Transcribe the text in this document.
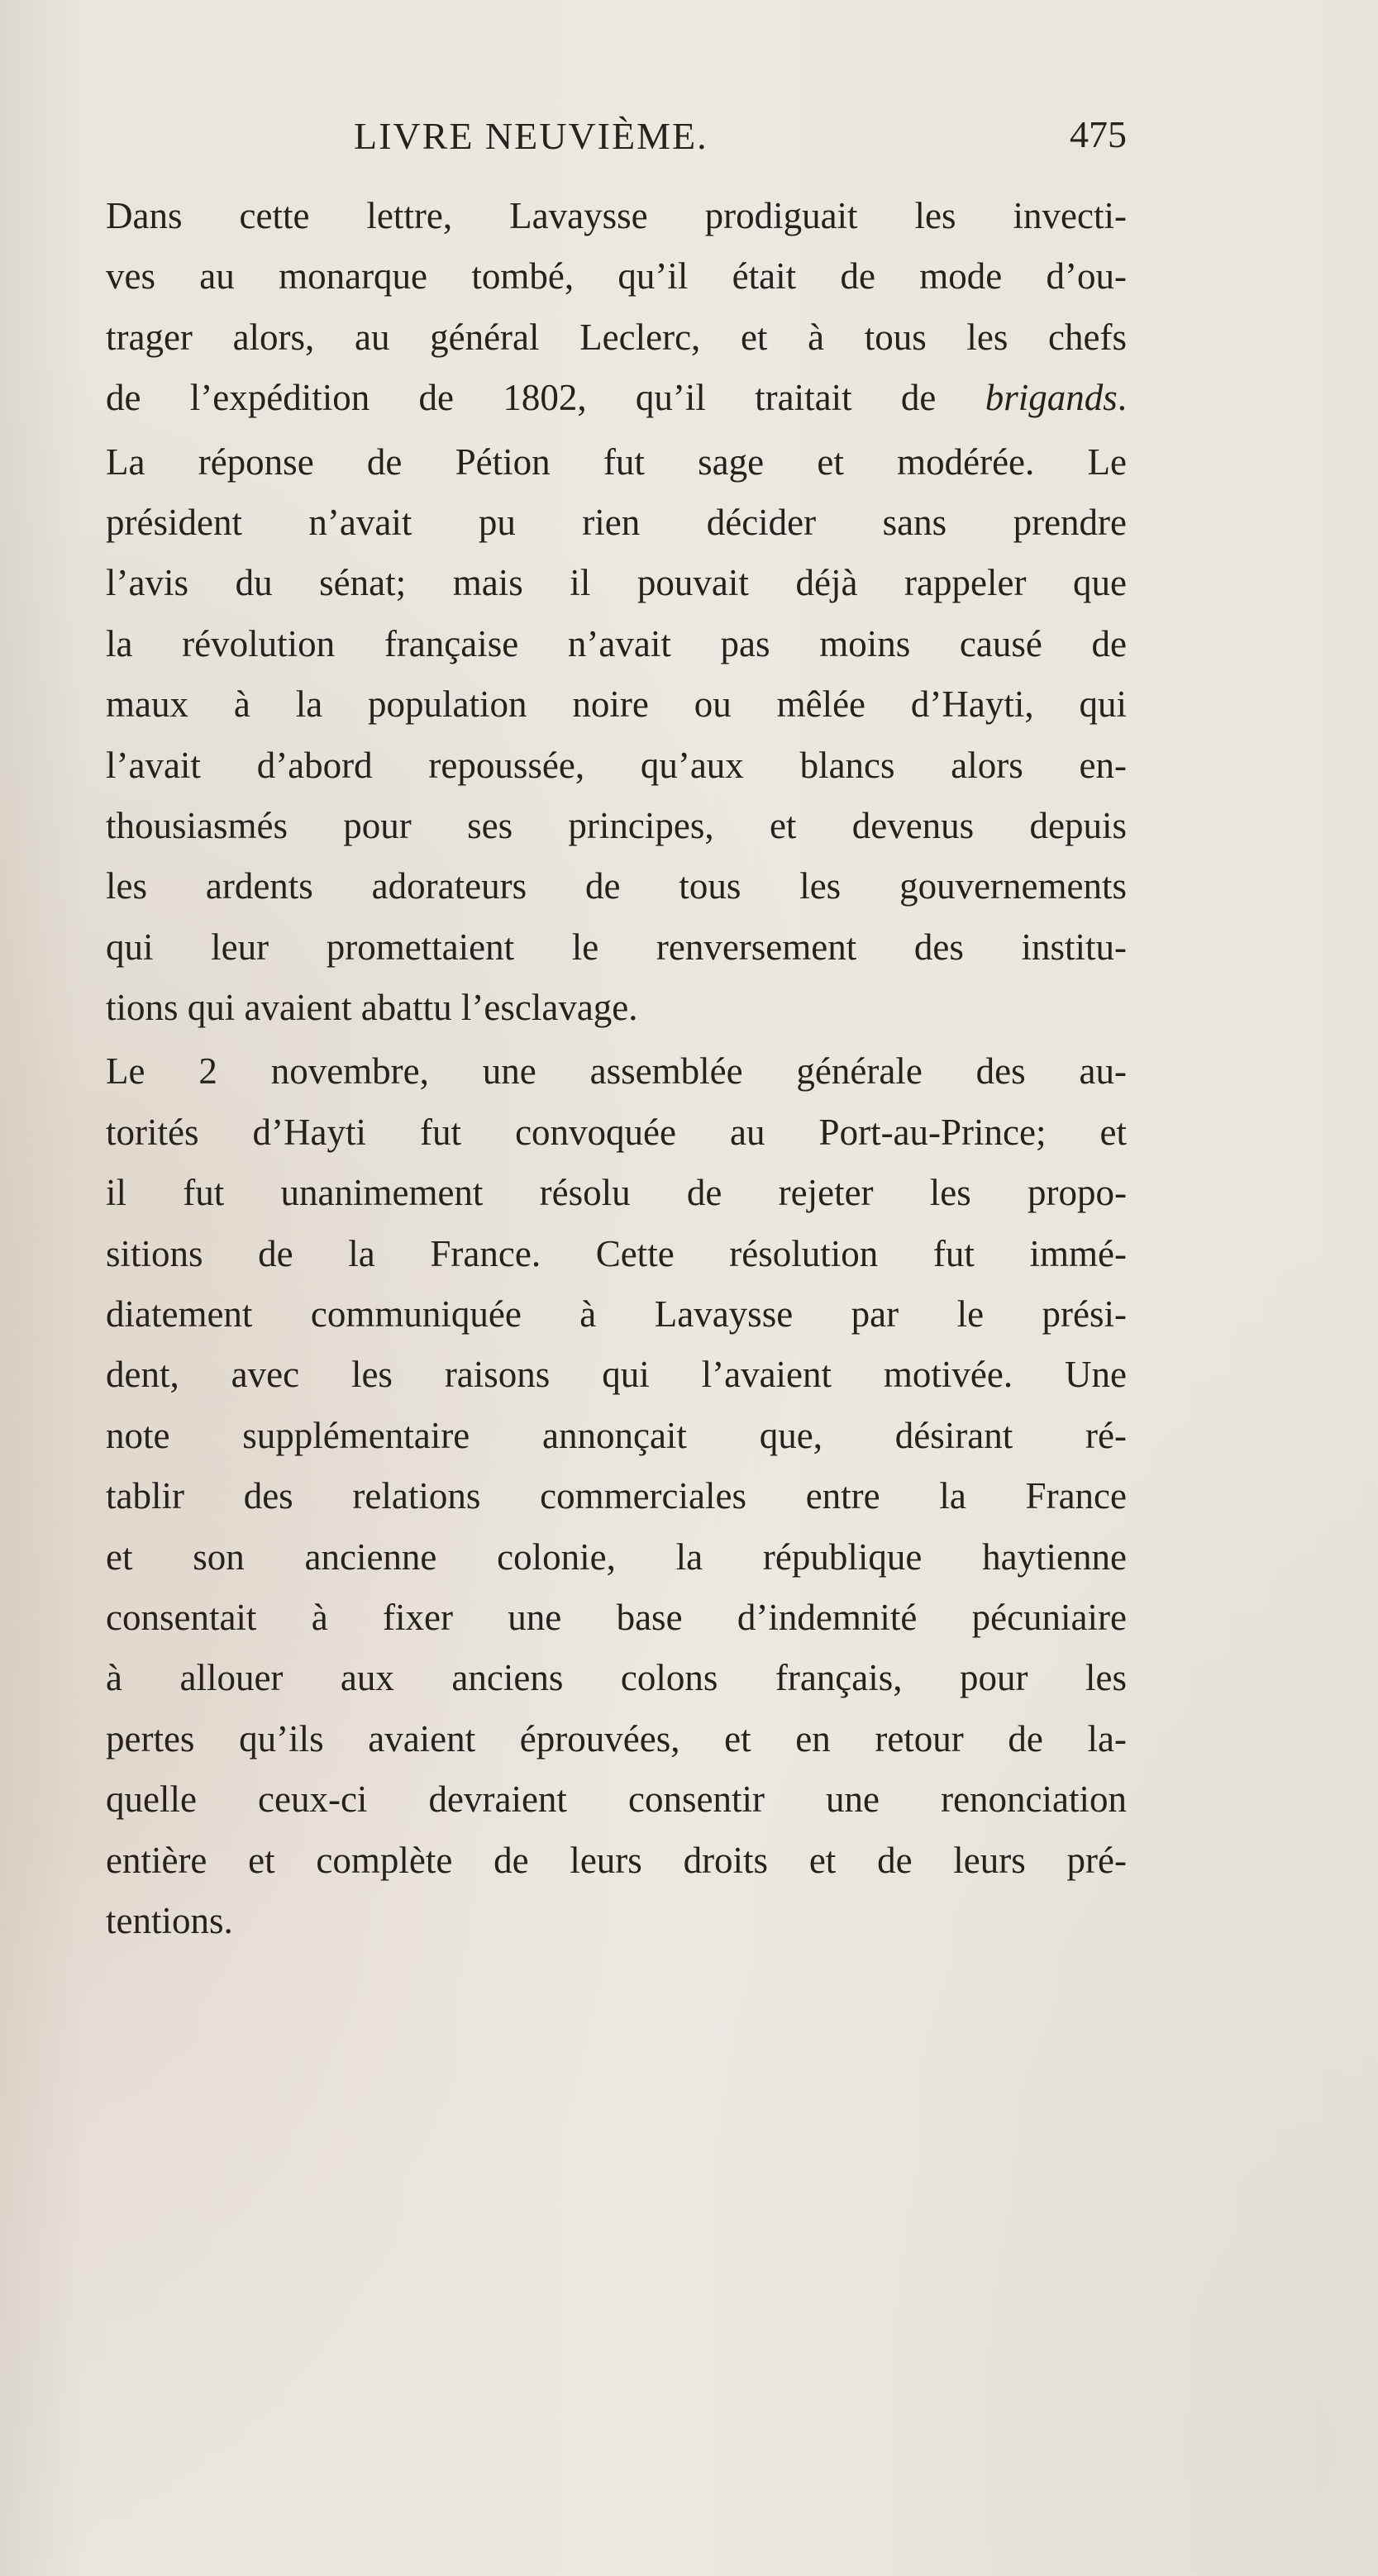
LIVRE NEUVIÈME.	475
Dans cette lettre, Lavaysse prodiguait les invecti-
ves au monarque tombé, qu’il était de mode d’ou-
trager alors, au général Leclerc, et à tous les chefs
de l’expédition de 1802, qu’il traitait de brigands.
La réponse de Pétion fut sage et modérée. Le
président n’avait pu rien décider sans prendre
l’avis du sénat; mais il pouvait déjà rappeler que
la révolution française n’avait pas moins causé de
maux à la population noire ou mêlée d’Hayti, qui
l’avait d’abord repoussée, qu’aux blancs alors en-
thousiasmés pour ses principes, et devenus depuis
les ardents adorateurs de tous les gouvernements
qui leur promettaient le renversement des institu-
tions qui avaient abattu l’esclavage.
Le 2 novembre, une assemblée générale des au-
torités d’Hayti fut convoquée au Port-au-Prince; et
il fut unanimement résolu de rejeter les propo-
sitions de la France. Cette résolution fut immé-
diatement communiquée à Lavaysse par le prési-
dent, avec les raisons qui l’avaient motivée. Une
note supplémentaire annonçait que, désirant ré-
tablir des relations commerciales entre la France
et son ancienne colonie, la république haytienne
consentait à fixer une base d’indemnité pécuniaire
à allouer aux anciens colons français, pour les
pertes qu’ils avaient éprouvées, et en retour de la-
quelle ceux-ci devraient consentir une renonciation
entière et complète de leurs droits et de leurs pré-
tentions.
